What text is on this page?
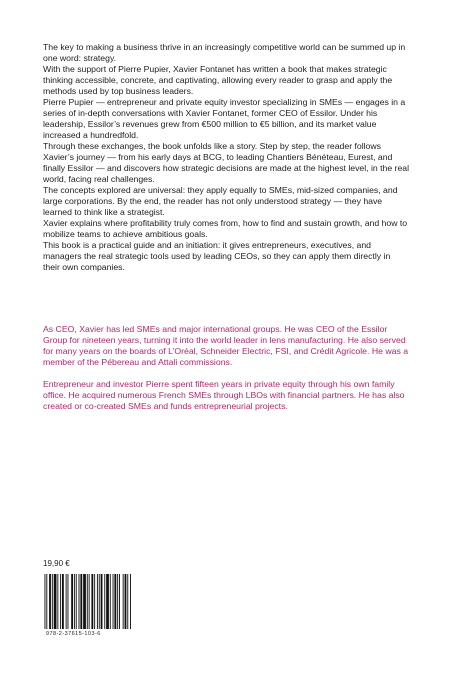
The key to making a business thrive in an increasingly competitive world can be summed up in one word: strategy.

With the support of Pierre Pupier, Xavier Fontanet has written a book that makes strategic thinking accessible, concrete, and captivating, allowing every reader to grasp and apply the methods used by top business leaders.

Pierre Pupier — entrepreneur and private equity investor specializing in SMEs — engages in a series of in-depth conversations with Xavier Fontanet, former CEO of Essilor. Under his leadership, Essilor’s revenues grew from €500 million to €5 billion, and its market value increased a hundredfold.

Through these exchanges, the book unfolds like a story. Step by step, the reader follows Xavier’s journey — from his early days at BCG, to leading Chantiers Bénéteau, Eurest, and finally Essilor — and discovers how strategic decisions are made at the highest level, in the real world, facing real challenges.

The concepts explored are universal: they apply equally to SMEs, mid-sized companies, and large corporations. By the end, the reader has not only understood strategy — they have learned to think like a strategist.

Xavier explains where profitability truly comes from, how to find and sustain growth, and how to mobilize teams to achieve ambitious goals.

This book is a practical guide and an initiation: it gives entrepreneurs, executives, and managers the real strategic tools used by leading CEOs, so they can apply them directly in their own companies.

As CEO, Xavier has led SMEs and major international groups. He was CEO of the Essilor Group for nineteen years, turning it into the world leader in lens manufacturing. He also served for many years on the boards of L’Oréal, Schneider Electric, FSI, and Crédit Agricole. He was a member of the Pébereau and Attali commissions.

Entrepreneur and investor Pierre spent fifteen years in private equity through his own family office. He acquired numerous French SMEs through LBOs with financial partners. He has also created or co-created SMEs and funds entrepreneurial projects.

19,90 €
978-2-37615-103-6
